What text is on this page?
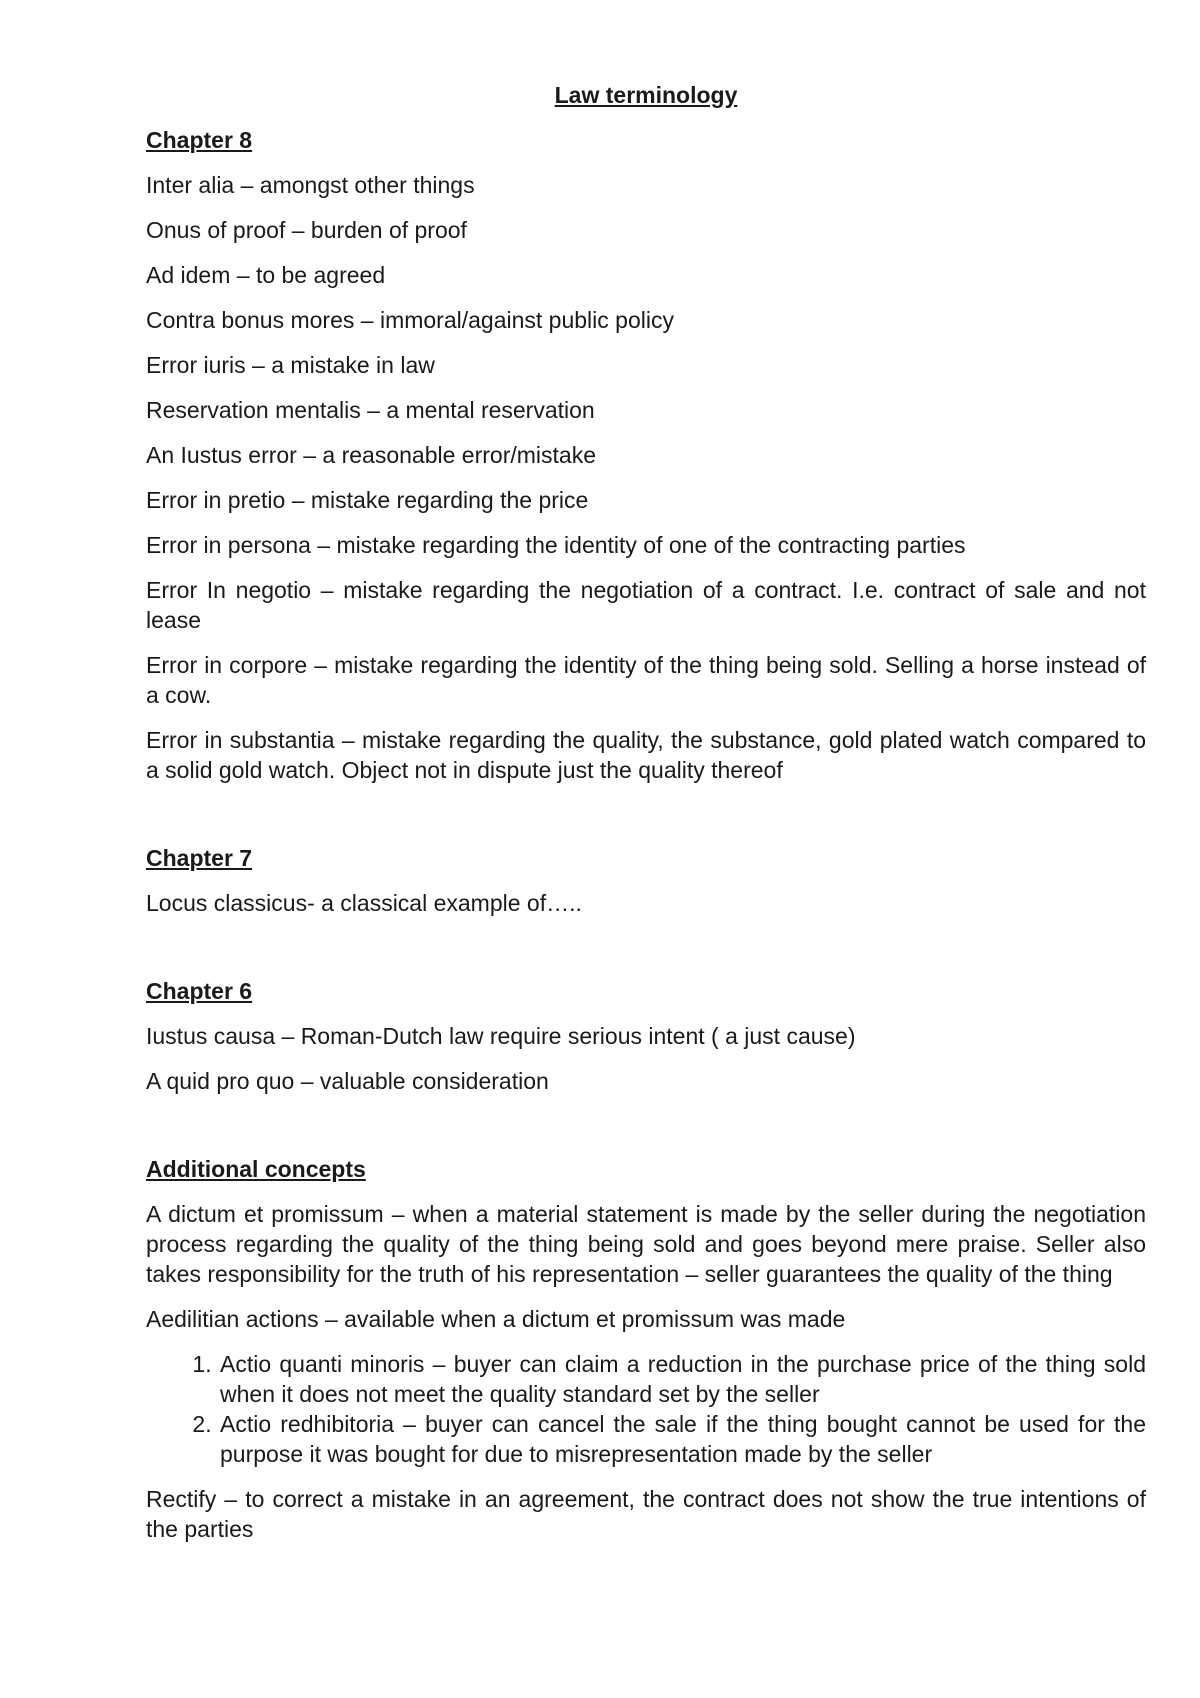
Law terminology
Chapter 8

Inter alia – amongst other things

Onus of proof – burden of proof

Ad idem – to be agreed

Contra bonus mores – immoral/against public policy

Error iuris – a mistake in law

Reservation mentalis – a mental reservation

An Iustus error – a reasonable error/mistake

Error in pretio – mistake regarding the price

Error in persona – mistake regarding the identity of one of the contracting parties

Error In negotio – mistake regarding the negotiation of a contract. I.e. contract of sale and not lease

Error in corpore – mistake regarding the identity of the thing being sold. Selling a horse instead of a cow.

Error in substantia – mistake regarding the quality, the substance, gold plated watch compared to a solid gold watch. Object not in dispute just the quality thereof

Chapter 7

Locus classicus- a classical example of…..

Chapter 6

Iustus causa – Roman-Dutch law require serious intent ( a just cause)

A quid pro quo – valuable consideration

Additional concepts

A dictum et promissum – when a material statement is made by the seller during the negotiation process regarding the quality of the thing being sold and goes beyond mere praise. Seller also takes responsibility for the truth of his representation – seller guarantees the quality of the thing

Aedilitian actions – available when a dictum et promissum was made

1. Actio quanti minoris – buyer can claim a reduction in the purchase price of the thing sold when it does not meet the quality standard set by the seller
2. Actio redhibitoria – buyer can cancel the sale if the thing bought cannot be used for the purpose it was bought for due to misrepresentation made by the seller

Rectify – to correct a mistake in an agreement, the contract does not show the true intentions of the parties
